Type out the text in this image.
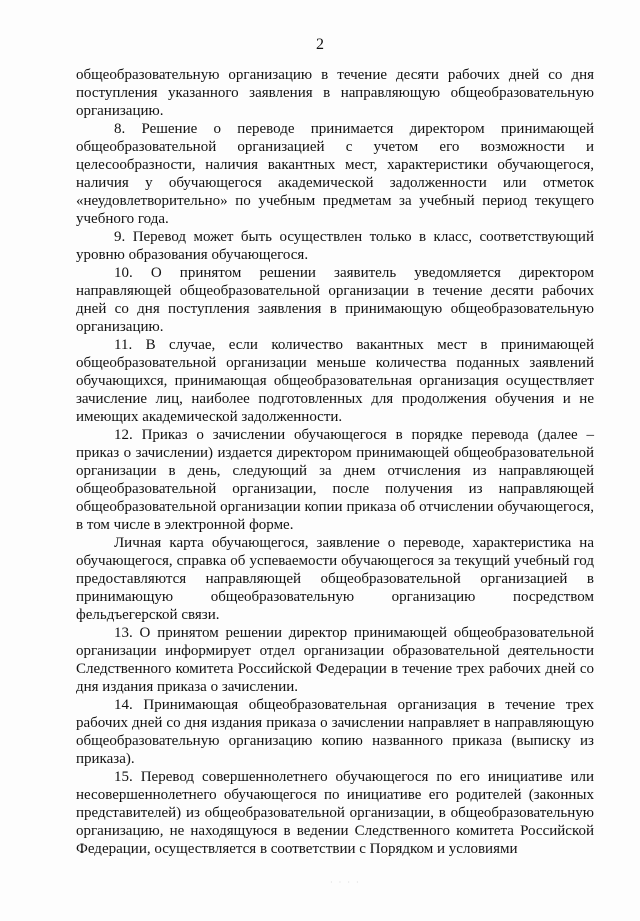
2

общеобразовательную организацию в течение десяти рабочих дней со дня поступления указанного заявления в направляющую общеобразовательную организацию.

8. Решение о переводе принимается директором принимающей общеобразовательной организацией с учетом его возможности и целесообразности, наличия вакантных мест, характеристики обучающегося, наличия у обучающегося академической задолженности или отметок «неудовлетворительно» по учебным предметам за учебный период текущего учебного года.

9. Перевод может быть осуществлен только в класс, соответствующий уровню образования обучающегося.

10. О принятом решении заявитель уведомляется директором направляющей общеобразовательной организации в течение десяти рабочих дней со дня поступления заявления в принимающую общеобразовательную организацию.

11. В случае, если количество вакантных мест в принимающей общеобразовательной организации меньше количества поданных заявлений обучающихся, принимающая общеобразовательная организация осуществляет зачисление лиц, наиболее подготовленных для продолжения обучения и не имеющих академической задолженности.

12. Приказ о зачислении обучающегося в порядке перевода (далее – приказ о зачислении) издается директором принимающей общеобразовательной организации в день, следующий за днем отчисления из направляющей общеобразовательной организации, после получения из направляющей общеобразовательной организации копии приказа об отчислении обучающегося, в том числе в электронной форме.

Личная карта обучающегося, заявление о переводе, характеристика на обучающегося, справка об успеваемости обучающегося за текущий учебный год предоставляются направляющей общеобразовательной организацией в принимающую общеобразовательную организацию посредством фельдъегерской связи.

13. О принятом решении директор принимающей общеобразовательной организации информирует отдел организации образовательной деятельности Следственного комитета Российской Федерации в течение трех рабочих дней со дня издания приказа о зачислении.

14. Принимающая общеобразовательная организация в течение трех рабочих дней со дня издания приказа о зачислении направляет в направляющую общеобразовательную организацию копию названного приказа (выписку из приказа).

15. Перевод совершеннолетнего обучающегося по его инициативе или несовершеннолетнего обучающегося по инициативе его родителей (законных представителей) из общеобразовательной организации, в общеобразовательную организацию, не находящуюся в ведении Следственного комитета Российской Федерации, осуществляется в соответствии с Порядком и условиями

· · · ·
